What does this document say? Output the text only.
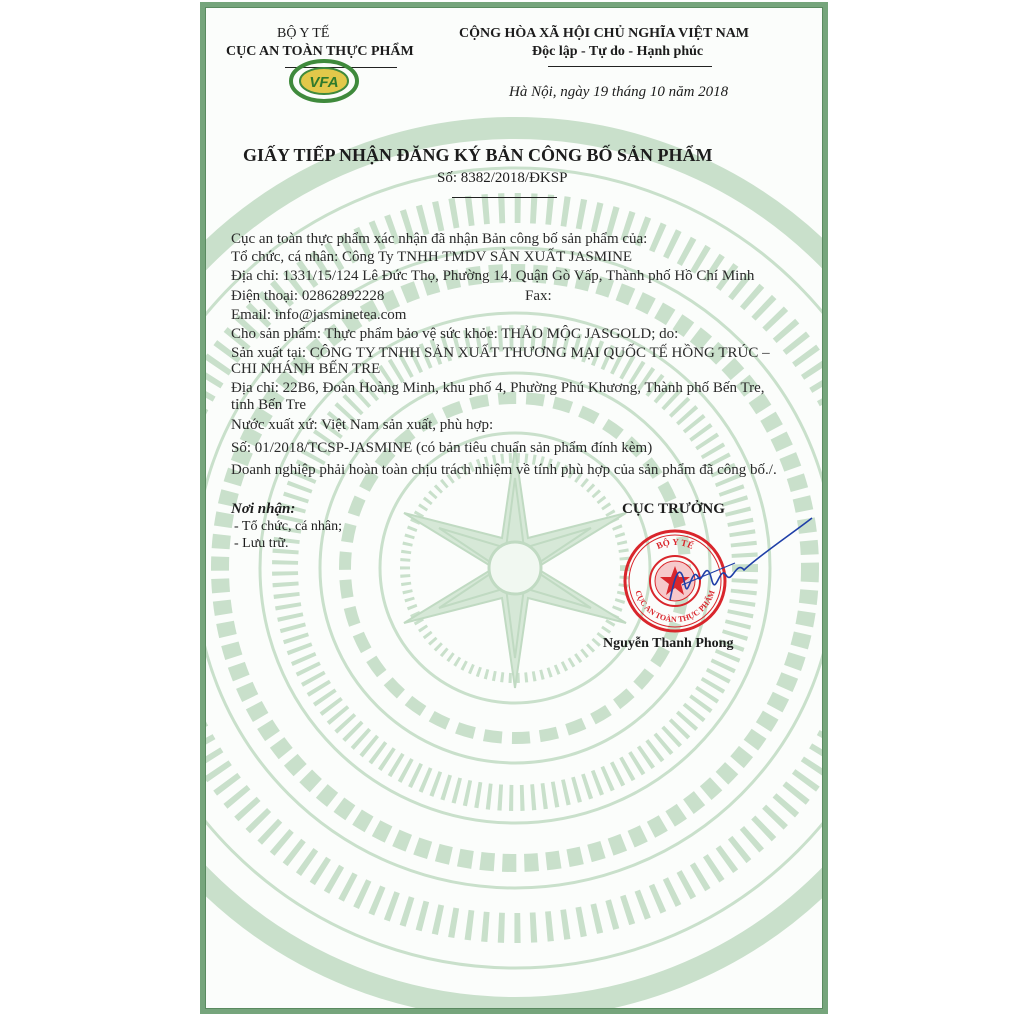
BỘ Y TẾ
CỤC AN TOÀN THỰC PHẨM
VFA
CỘNG HÒA XÃ HỘI CHỦ NGHĨA VIỆT NAM
Độc lập - Tự do - Hạnh phúc
Hà Nội, ngày 19 tháng 10 năm 2018
GIẤY TIẾP NHẬN ĐĂNG KÝ BẢN CÔNG BỐ SẢN PHẨM
Số: 8382/2018/ĐKSP
Cục an toàn thực phẩm xác nhận đã nhận Bản công bố sản phẩm của:
Tổ chức, cá nhân: Công Ty TNHH TMDV SẢN XUẤT JASMINE
Địa chỉ: 1331/15/124 Lê Đức Thọ, Phường 14, Quận Gò Vấp, Thành phố Hồ Chí Minh
Điện thoại: 02862892228	Fax:
Email: info@jasminetea.com
Cho sản phẩm: Thực phẩm bảo vệ sức khỏe: THẢO MỘC JASGOLD; do:
Sản xuất tại: CÔNG TY TNHH SẢN XUẤT THƯƠNG MẠI QUỐC TẾ HỒNG TRÚC –
CHI NHÁNH BẾN TRE
Địa chỉ: 22B6, Đoàn Hoàng Minh, khu phố 4, Phường Phú Khương, Thành phố Bến Tre,
tỉnh Bến Tre
Nước xuất xứ: Việt Nam sản xuất, phù hợp:
Số: 01/2018/TCSP-JASMINE (có bản tiêu chuẩn sản phẩm đính kèm)
Doanh nghiệp phải hoàn toàn chịu trách nhiệm về tính phù hợp của sản phẩm đã công bố./.
Nơi nhận:
- Tổ chức, cá nhân;
- Lưu trữ.
CỤC TRƯỞNG
BỘ Y TẾ
CỤC AN TOÀN THỰC PHẨM
Nguyễn Thanh Phong
